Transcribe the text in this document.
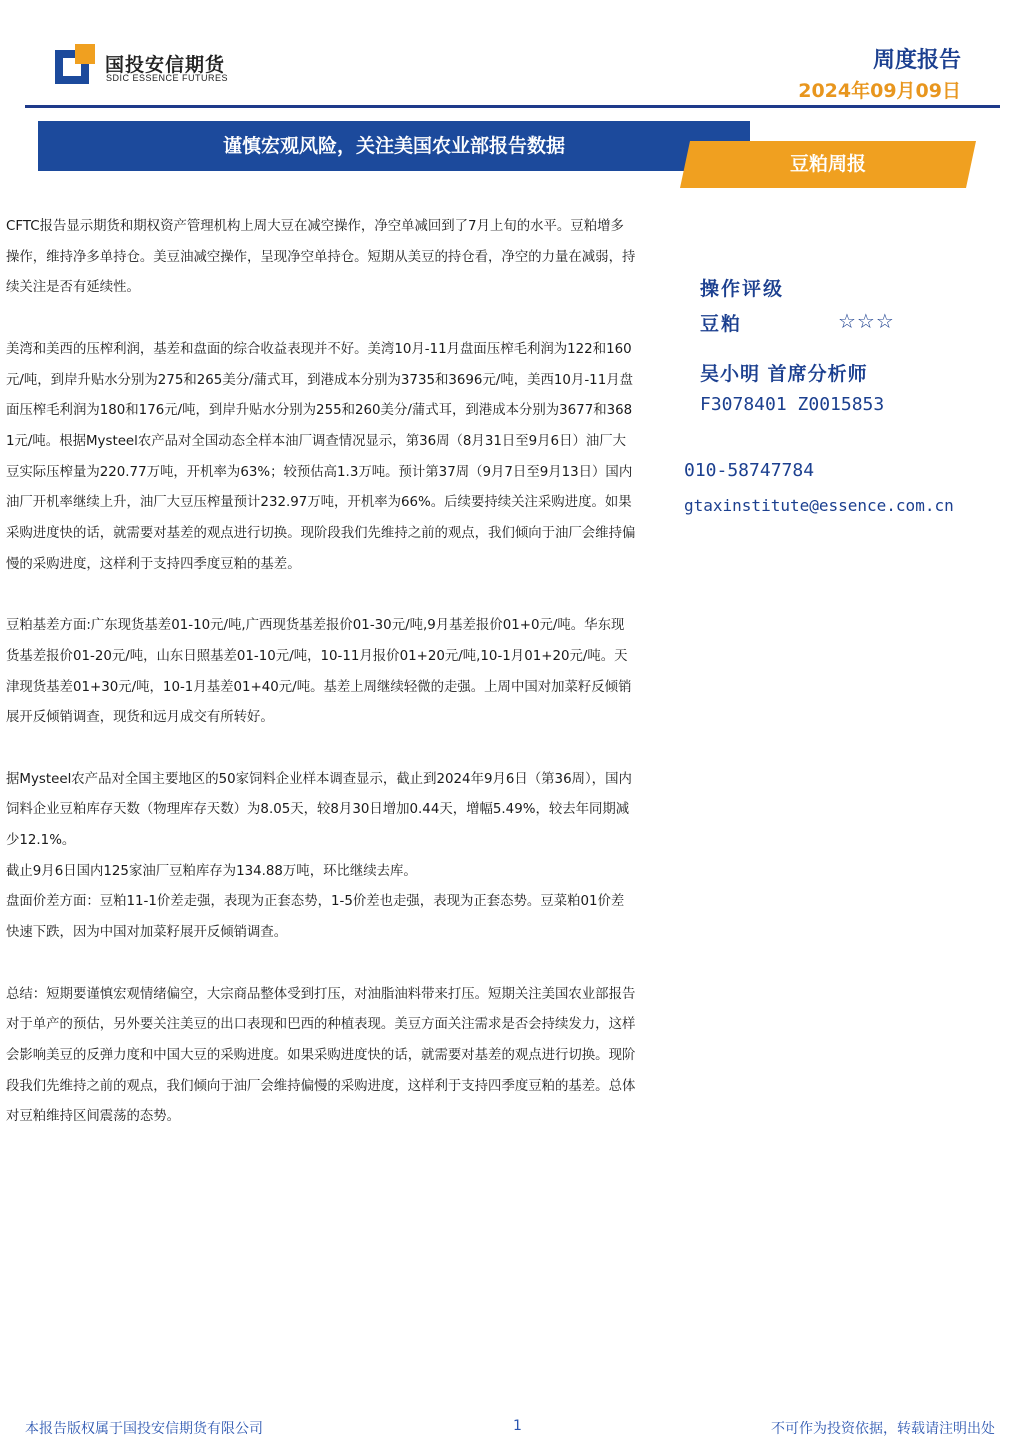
国投安信期货
SDIC ESSENCE FUTURES
周度报告
2024年09月09日
谨慎宏观风险，关注美国农业部报告数据
豆粕周报

CFTC报告显示期货和期权资产管理机构上周大豆在减空操作，净空单减回到了7月上旬的水平。豆粕增多操作，维持净多单持仓。美豆油减空操作，呈现净空单持仓。短期从美豆的持仓看，净空的力量在减弱，持续关注是否有延续性。

美湾和美西的压榨利润，基差和盘面的综合收益表现并不好。美湾10月-11月盘面压榨毛利润为122和160元/吨，到岸升贴水分别为275和265美分/蒲式耳，到港成本分别为3735和3696元/吨，美西10月-11月盘面压榨毛利润为180和176元/吨，到岸升贴水分别为255和260美分/蒲式耳，到港成本分别为3677和3681元/吨。根据Mysteel农产品对全国动态全样本油厂调查情况显示，第36周（8月31日至9月6日）油厂大豆实际压榨量为220.77万吨，开机率为63%；较预估高1.3万吨。预计第37周（9月7日至9月13日）国内油厂开机率继续上升，油厂大豆压榨量预计232.97万吨，开机率为66%。后续要持续关注采购进度。如果采购进度快的话，就需要对基差的观点进行切换。现阶段我们先维持之前的观点，我们倾向于油厂会维持偏慢的采购进度，这样利于支持四季度豆粕的基差。

豆粕基差方面:广东现货基差01-10元/吨,广西现货基差报价01-30元/吨,9月基差报价01+0元/吨。华东现货基差报价01-20元/吨，山东日照基差01-10元/吨，10-11月报价01+20元/吨,10-1月01+20元/吨。天津现货基差01+30元/吨，10-1月基差01+40元/吨。基差上周继续轻微的走强。上周中国对加菜籽反倾销展开反倾销调查，现货和远月成交有所转好。

据Mysteel农产品对全国主要地区的50家饲料企业样本调查显示，截止到2024年9月6日（第36周），国内饲料企业豆粕库存天数（物理库存天数）为8.05天，较8月30日增加0.44天，增幅5.49%，较去年同期减少12.1%。

截止9月6日国内125家油厂豆粕库存为134.88万吨，环比继续去库。

盘面价差方面：豆粕11-1价差走强，表现为正套态势，1-5价差也走强，表现为正套态势。豆菜粕01价差快速下跌，因为中国对加菜籽展开反倾销调查。

总结：短期要谨慎宏观情绪偏空，大宗商品整体受到打压，对油脂油料带来打压。短期关注美国农业部报告对于单产的预估，另外要关注美豆的出口表现和巴西的种植表现。美豆方面关注需求是否会持续发力，这样会影响美豆的反弹力度和中国大豆的采购进度。如果采购进度快的话，就需要对基差的观点进行切换。现阶段我们先维持之前的观点，我们倾向于油厂会维持偏慢的采购进度，这样利于支持四季度豆粕的基差。总体对豆粕维持区间震荡的态势。

操作评级
豆粕	☆☆☆
吴小明 首席分析师
F3078401 Z0015853
010-58747784
gtaxinstitute@essence.com.cn
本报告版权属于国投安信期货有限公司	1	不可作为投资依据，转载请注明出处
